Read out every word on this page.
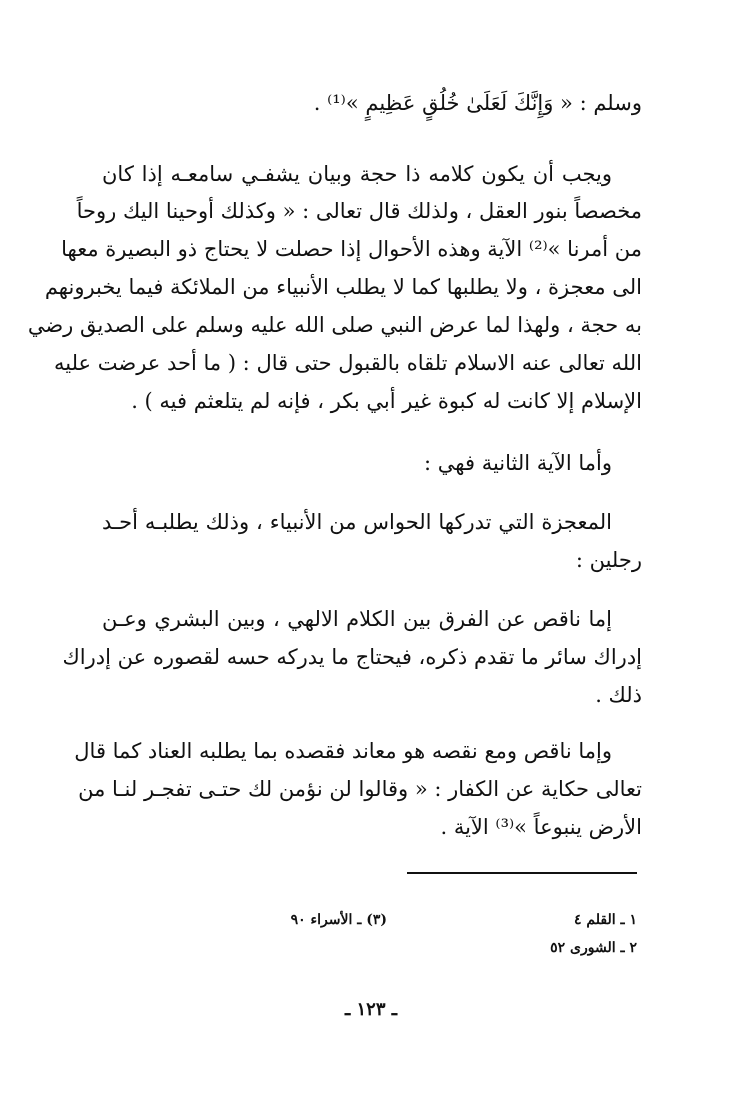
وسلم : « وَإِنَّكَ لَعَلَىٰ خُلُقٍ عَظِيمٍ »⁽¹⁾ .
ويجب أن يكون كلامه ذا حجة وبيان يشفـي سامعـه إذا كان
مخصصاً بنور العقل ، ولذلك قال تعالى : « وكذلك أوحينا اليك روحاً
من أمرنا »⁽²⁾ الآية وهذه الأحوال إذا حصلت لا يحتاج ذو البصيرة معها
الى معجزة ، ولا يطلبها كما لا يطلب الأنبياء من الملائكة فيما يخبرونهم
به حجة ، ولهذا لما عرض النبي صلى الله عليه وسلم على الصديق رضي
الله تعالى عنه الاسلام تلقاه بالقبول حتى قال : ( ما أحد عرضت عليه
الإسلام إلا كانت له كبوة غير أبي بكر ، فإنه لم يتلعثم فيه ) .
وأما الآية الثانية فهي :
المعجزة التي تدركها الحواس من الأنبياء ، وذلك يطلبـه أحـد
رجلين :
إما ناقص عن الفرق بين الكلام الالهي ، وبين البشري وعـن
إدراك سائر ما تقدم ذكره، فيحتاج ما يدركه حسه لقصوره عن إدراك
ذلك .
وإما ناقص ومع نقصه هو معاند فقصده بما يطلبه العناد كما قال
تعالى حكاية عن الكفار : « وقالوا لن نؤمن لك حتـى تفجـر لنـا من
الأرض ينبوعاً »⁽³⁾ الآية .
١ ـ القلم ٤
٢ ـ الشورى ٥٢
(٣) ـ الأسراء ٩٠
ـ ١٢٣ ـ
